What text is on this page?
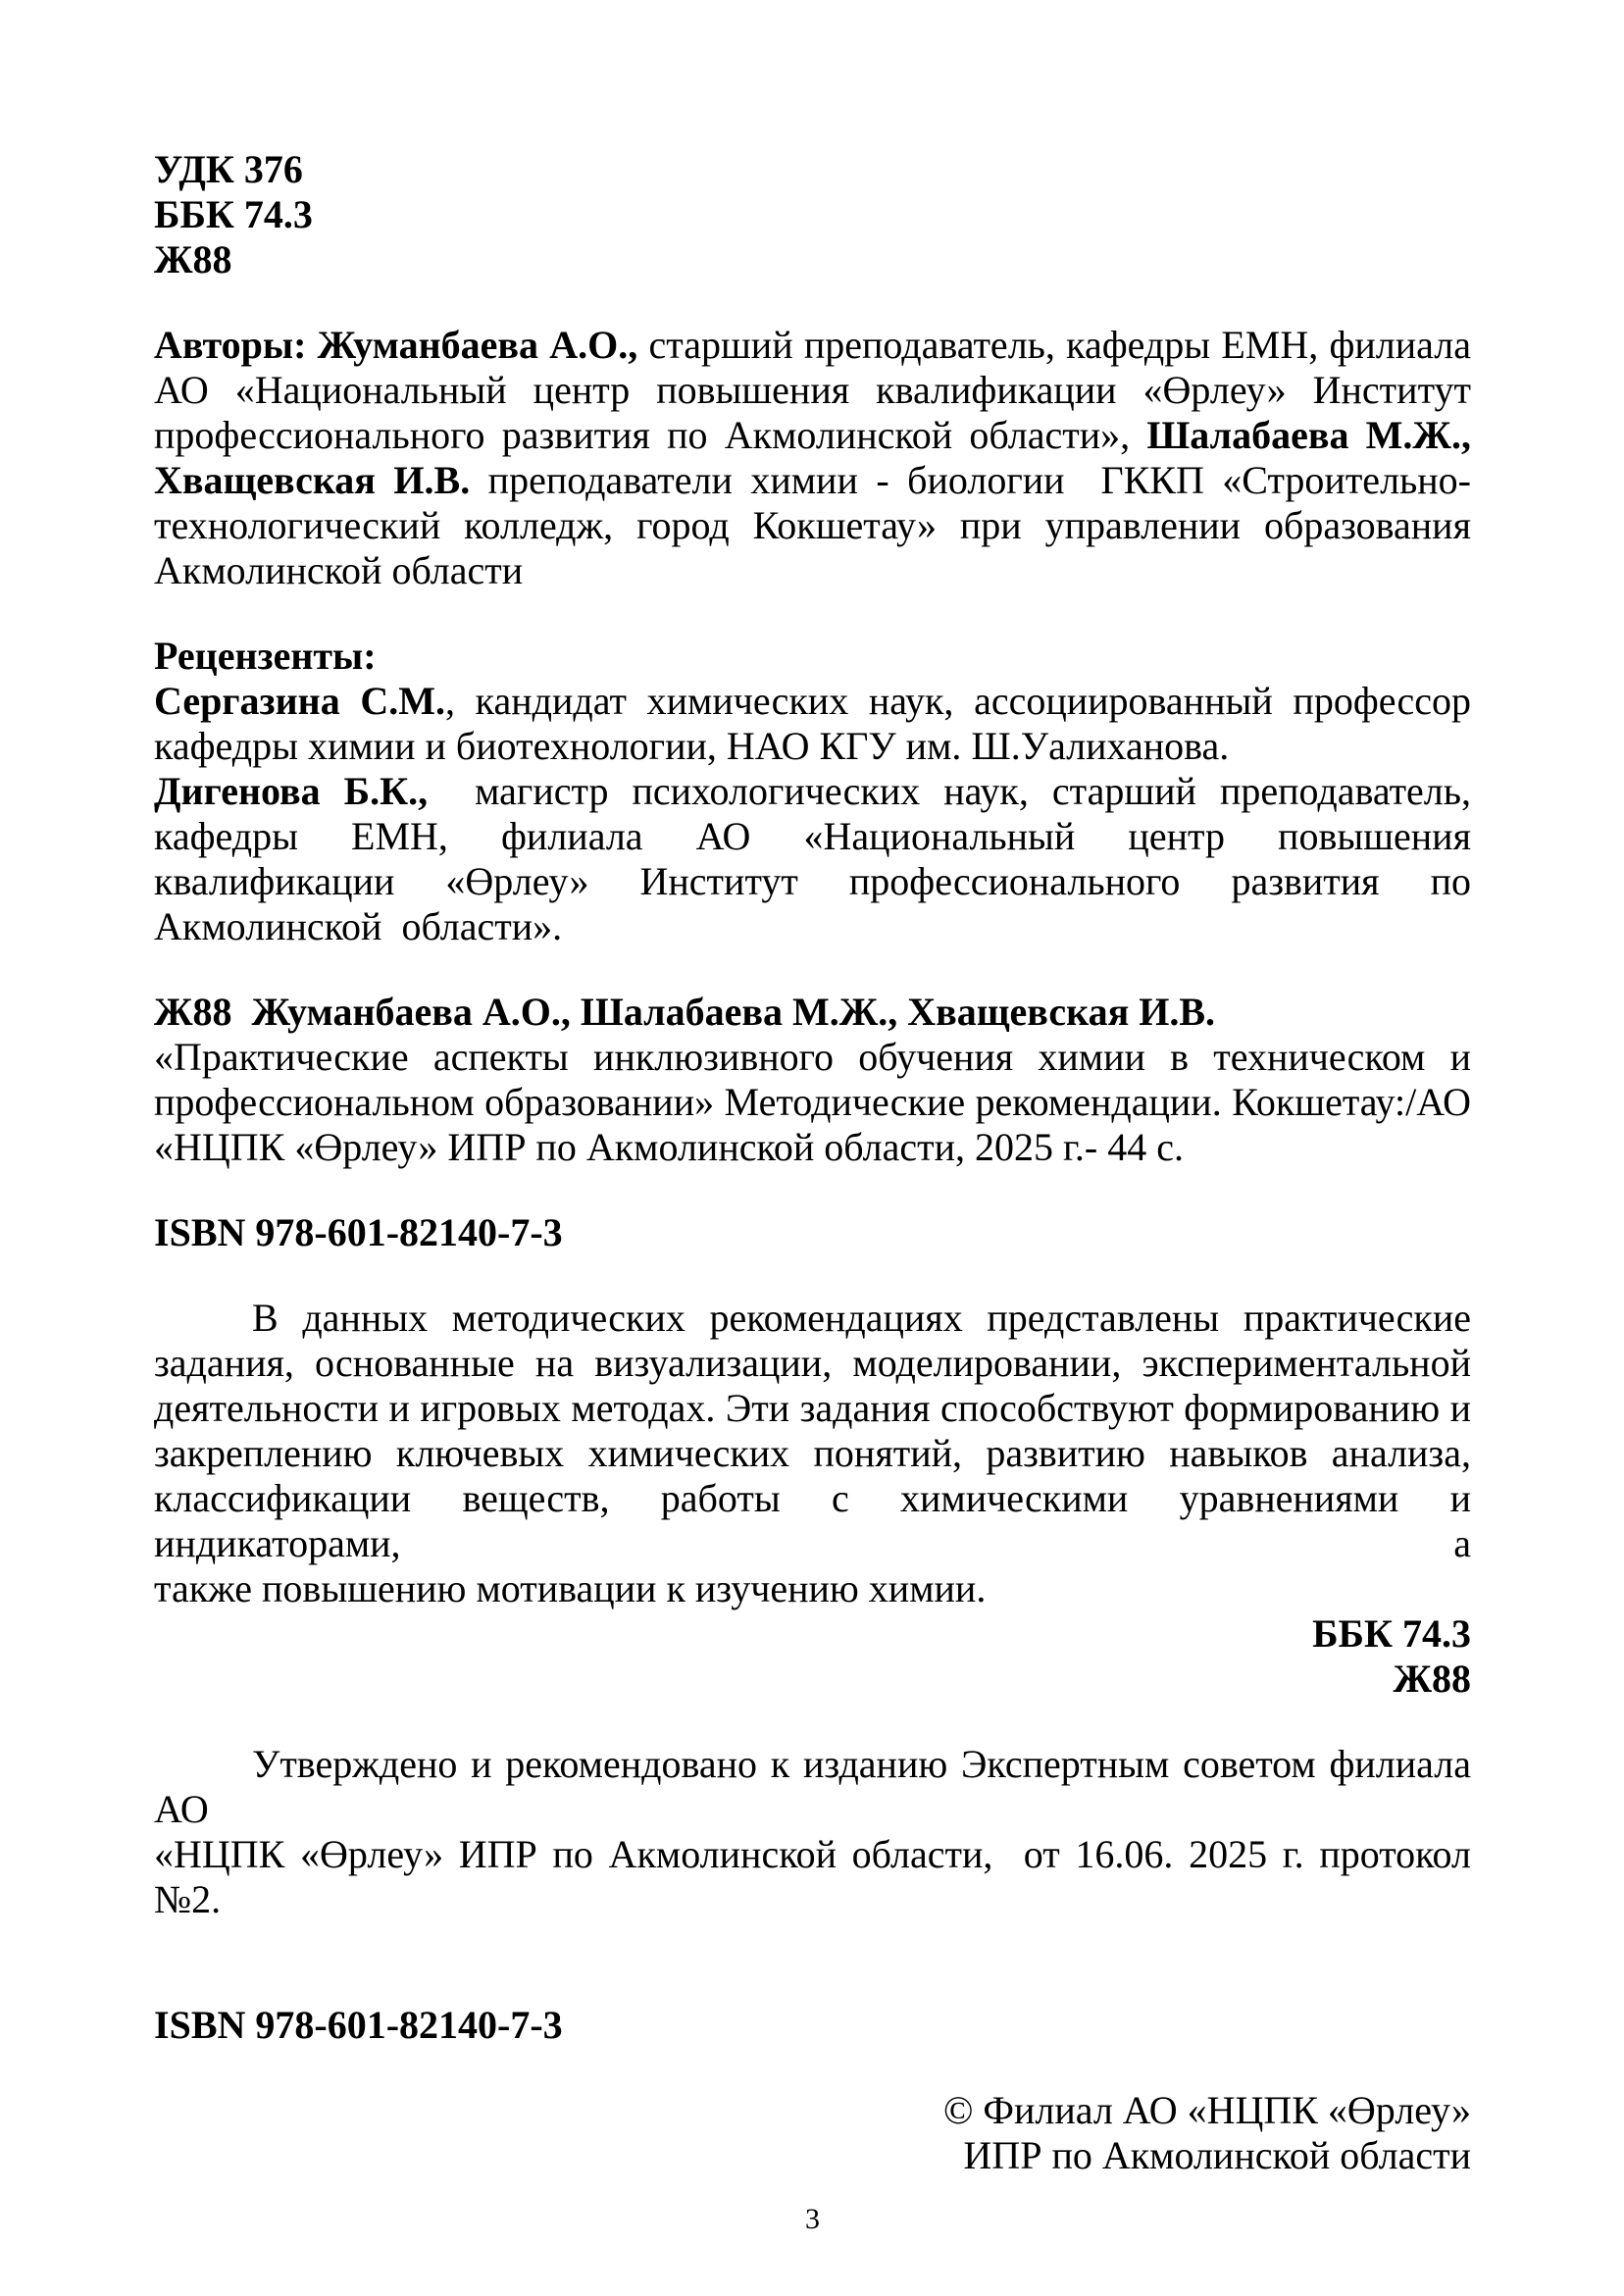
УДК 376
ББК 74.3
Ж88
Авторы: Жуманбаева А.О., старший преподаватель, кафедры ЕМН, филиала
АО «Национальный центр повышения квалификации «Өрлеу» Институт
профессионального развития по Акмолинской области», Шалабаева М.Ж.,
Хващевская И.В. преподаватели химии - биологии  ГККП «Строительно-
технологический колледж, город Кокшетау» при управлении образования
Акмолинской области
Рецензенты:
Сергазина С.М., кандидат химических наук, ассоциированный профессор
кафедры химии и биотехнологии, НАО КГУ им. Ш.Уалиханова.
Дигенова Б.К.,  магистр психологических наук, старший преподаватель,
кафедры ЕМН, филиала АО «Национальный центр повышения
квалификации «Өрлеу» Институт профессионального развития по
Акмолинской  области».
Ж88  Жуманбаева А.О., Шалабаева М.Ж., Хващевская И.В.
«Практические аспекты инклюзивного обучения химии в техническом и
профессиональном образовании» Методические рекомендации. Кокшетау:/АО
«НЦПК «Өрлеу» ИПР по Акмолинской области, 2025 г.- 44 с.
ISBN 978-601-82140-7-3
В данных методических рекомендациях представлены практические
задания, основанные на визуализации, моделировании, экспериментальной
деятельности и игровых методах. Эти задания способствуют формированию и
закреплению ключевых химических понятий, развитию навыков анализа,
классификации веществ, работы с химическими уравнениями и индикаторами, а
также повышению мотивации к изучению химии.
ББК 74.3
Ж88
Утверждено и рекомендовано к изданию Экспертным советом филиала АО
«НЦПК «Өрлеу» ИПР по Акмолинской области,  от 16.06. 2025 г. протокол №2.
ISBN 978-601-82140-7-3
© Филиал АО «НЦПК «Өрлеу»
ИПР по Акмолинской области
3
